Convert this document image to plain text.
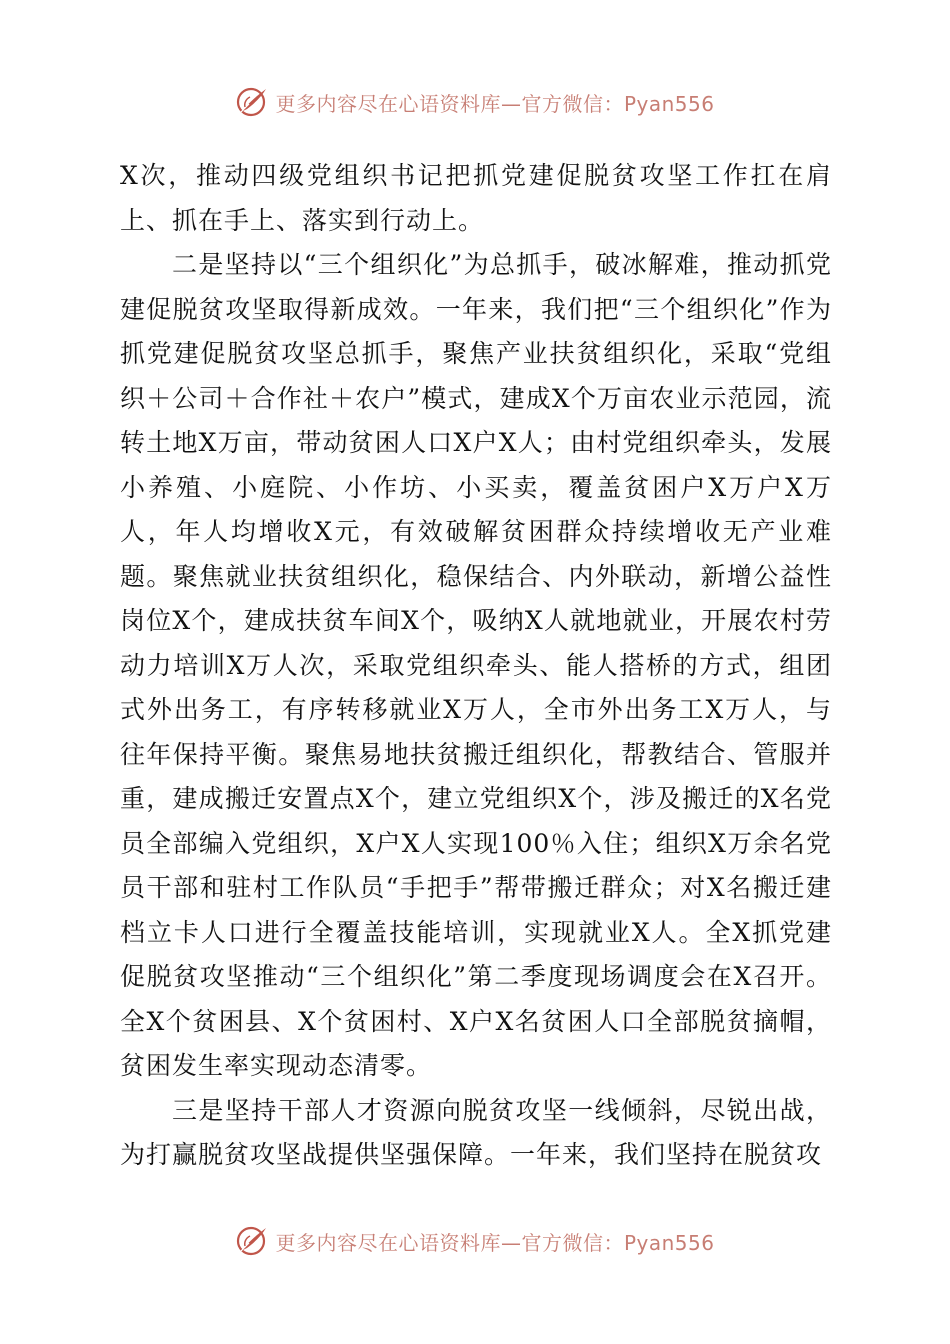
更多内容尽在心语资料库—官方微信：Pyan556

X次，推动四级党组织书记把抓党建促脱贫攻坚工作扛在肩上、抓在手上、落实到行动上。

二是坚持以“三个组织化”为总抓手，破冰解难，推动抓党建促脱贫攻坚取得新成效。一年来，我们把“三个组织化”作为抓党建促脱贫攻坚总抓手，聚焦产业扶贫组织化，采取“党组织＋公司＋合作社＋农户”模式，建成X个万亩农业示范园，流转土地X万亩，带动贫困人口X户X人；由村党组织牵头，发展小养殖、小庭院、小作坊、小买卖，覆盖贫困户X万户X万人，年人均增收X元，有效破解贫困群众持续增收无产业难题。聚焦就业扶贫组织化，稳保结合、内外联动，新增公益性岗位X个，建成扶贫车间X个，吸纳X人就地就业，开展农村劳动力培训X万人次，采取党组织牵头、能人搭桥的方式，组团式外出务工，有序转移就业X万人，全市外出务工X万人，与往年保持平衡。聚焦易地扶贫搬迁组织化，帮教结合、管服并重，建成搬迁安置点X个，建立党组织X个，涉及搬迁的X名党员全部编入党组织，X户X人实现100％入住；组织X万余名党员干部和驻村工作队员“手把手”帮带搬迁群众；对X名搬迁建档立卡人口进行全覆盖技能培训，实现就业X人。全X抓党建促脱贫攻坚推动“三个组织化”第二季度现场调度会在X召开。全X个贫困县、X个贫困村、X户X名贫困人口全部脱贫摘帽，贫困发生率实现动态清零。

三是坚持干部人才资源向脱贫攻坚一线倾斜，尽锐出战，为打赢脱贫攻坚战提供坚强保障。一年来，我们坚持在脱贫攻

更多内容尽在心语资料库—官方微信：Pyan556
